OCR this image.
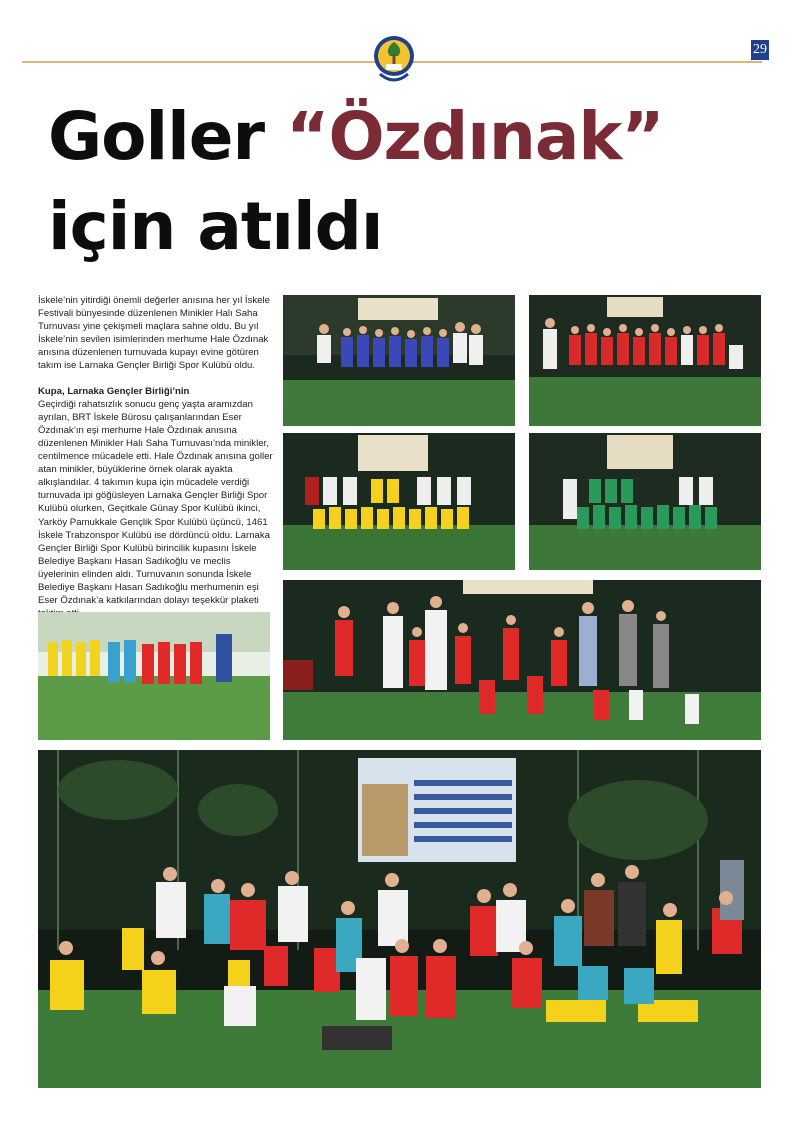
29
Goller “Özdınak”
için atıldı

İskele’nin yitirdiği önemli değerler anısına her yıl İskele Festivali bünyesinde düzenlenen Minikler Halı Saha Turnuvası yine çekişmeli maçlara sahne oldu. Bu yıl İskele’nin sevilen isimlerinden merhume Hale Özdınak anısına düzenlenen turnuvada kupayı evine götüren takım ise Larnaka Gençler Birliği Spor Kulübü oldu.

Kupa, Larnaka Gençler Birliği’nin

Geçirdiği rahatsızlık sonucu genç yaşta aramızdan ayrılan, BRT İskele Bürosu çalışanlarından Eser Özdınak’ın eşi merhume Hale Özdınak anısına düzenlenen Minikler Halı Saha Turnuvası’nda minikler, centilmence mücadele etti. Hale Özdınak anısına goller atan minikler, büyüklerine örnek olarak ayakta alkışlandılar. 4 takımın kupa için mücadele verdiği turnuvada ipi göğüsleyen Larnaka Gençler Birliği Spor Kulübü olurken, Geçitkale Günay Spor Kulübü ikinci, Yarköy Pamukkale Gençlik Spor Kulübü üçüncü, 1461 İskele Trabzonspor Kulübü ise dördüncü oldu. Larnaka Gençler Birliği Spor Kulübü birincilik kupasını İskele Belediye Başkanı Hasan Sadıkoğlu ve meclis üyelerinin elinden aldı. Turnuvanın sonunda İskele Belediye Başkanı Hasan Sadıkoğlu merhumenin eşi Eser Özdınak’a katkılarından dolayı teşekkür plaketi
